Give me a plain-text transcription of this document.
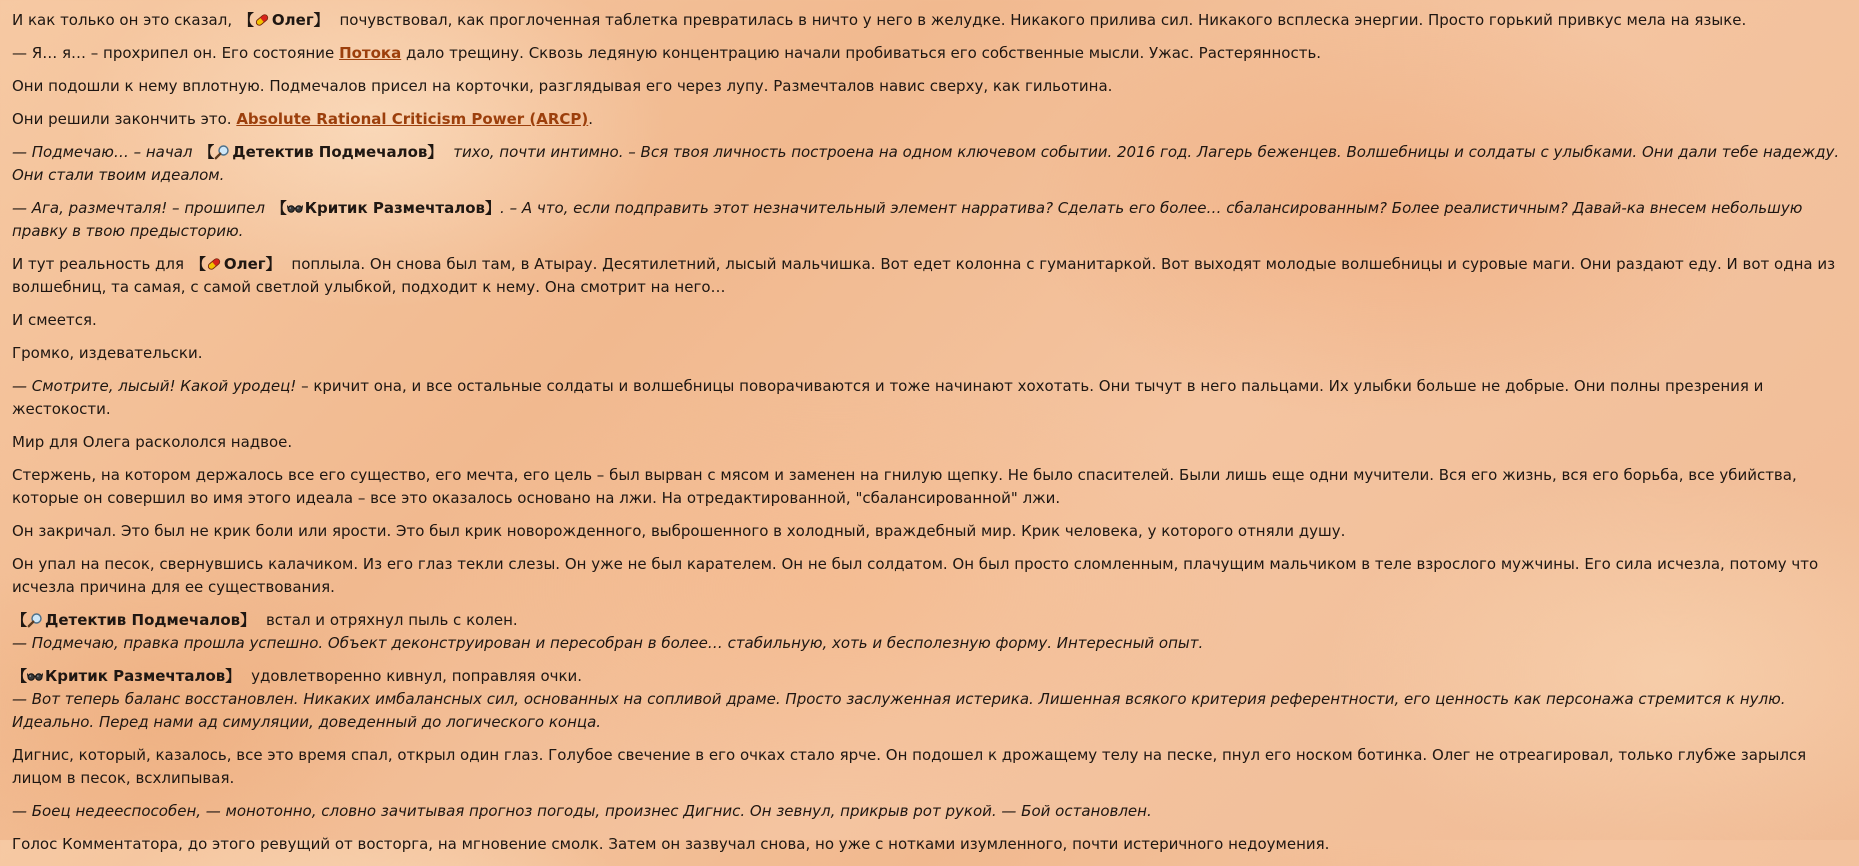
И как только он это сказал, 【 Олег】 почувствовал, как проглоченная таблетка превратилась в ничто у него в желудке. Никакого прилива сил. Никакого всплеска энергии. Просто горький привкус мела на языке.

— Я… я… – прохрипел он. Его состояние Потока дало трещину. Сквозь ледяную концентрацию начали пробиваться его собственные мысли. Ужас. Растерянность.

Они подошли к нему вплотную. Подмечалов присел на корточки, разглядывая его через лупу. Размечталов навис сверху, как гильотина.

Они решили закончить это. Absolute Rational Criticism Power (ARCP).

— Подмечаю… – начал 【 Детектив Подмечалов】 тихо, почти интимно. – Вся твоя личность построена на одном ключевом событии. 2016 год. Лагерь беженцев. Волшебницы и солдаты с улыбками. Они дали тебе надежду. Они стали твоим идеалом.

— Ага, размечталя! – прошипел 【 Критик Размечталов】. – А что, если подправить этот незначительный элемент нарратива? Сделать его более… сбалансированным? Более реалистичным? Давай-ка внесем небольшую правку в твою предысторию.

И тут реальность для 【 Олег】 поплыла. Он снова был там, в Атырау. Десятилетний, лысый мальчишка. Вот едет колонна с гуманитаркой. Вот выходят молодые волшебницы и суровые маги. Они раздают еду. И вот одна из волшебниц, та самая, с самой светлой улыбкой, подходит к нему. Она смотрит на него…

И смеется.

Громко, издевательски.

— Смотрите, лысый! Какой уродец! – кричит она, и все остальные солдаты и волшебницы поворачиваются и тоже начинают хохотать. Они тычут в него пальцами. Их улыбки больше не добрые. Они полны презрения и жестокости.

Мир для Олега раскололся надвое.

Стержень, на котором держалось все его существо, его мечта, его цель – был вырван с мясом и заменен на гнилую щепку. Не было спасителей. Были лишь еще одни мучители. Вся его жизнь, вся его борьба, все убийства, которые он совершил во имя этого идеала – все это оказалось основано на лжи. На отредактированной, "сбалансированной" лжи.

Он закричал. Это был не крик боли или ярости. Это был крик новорожденного, выброшенного в холодный, враждебный мир. Крик человека, у которого отняли душу.

Он упал на песок, свернувшись калачиком. Из его глаз текли слезы. Он уже не был карателем. Он не был солдатом. Он был просто сломленным, плачущим мальчиком в теле взрослого мужчины. Его сила исчезла, потому что исчезла причина для ее существования.

【 Детектив Подмечалов】 встал и отряхнул пыль с колен.

— Подмечаю, правка прошла успешно. Объект деконструирован и пересобран в более… стабильную, хоть и бесполезную форму. Интересный опыт.

【 Критик Размечталов】 удовлетворенно кивнул, поправляя очки.

— Вот теперь баланс восстановлен. Никаких имбалансных сил, основанных на сопливой драме. Просто заслуженная истерика. Лишенная всякого критерия референтности, его ценность как персонажа стремится к нулю. Идеально. Перед нами ад симуляции, доведенный до логического конца.

Дигнис, который, казалось, все это время спал, открыл один глаз. Голубое свечение в его очках стало ярче. Он подошел к дрожащему телу на песке, пнул его носком ботинка. Олег не отреагировал, только глубже зарылся лицом в песок, всхлипывая.

— Боец недееспособен, — монотонно, словно зачитывая прогноз погоды, произнес Дигнис. Он зевнул, прикрыв рот рукой. — Бой остановлен.

Голос Комментатора, до этого ревущий от восторга, на мгновение смолк. Затем он зазвучал снова, но уже с нотками изумленного, почти истеричного недоумения.
